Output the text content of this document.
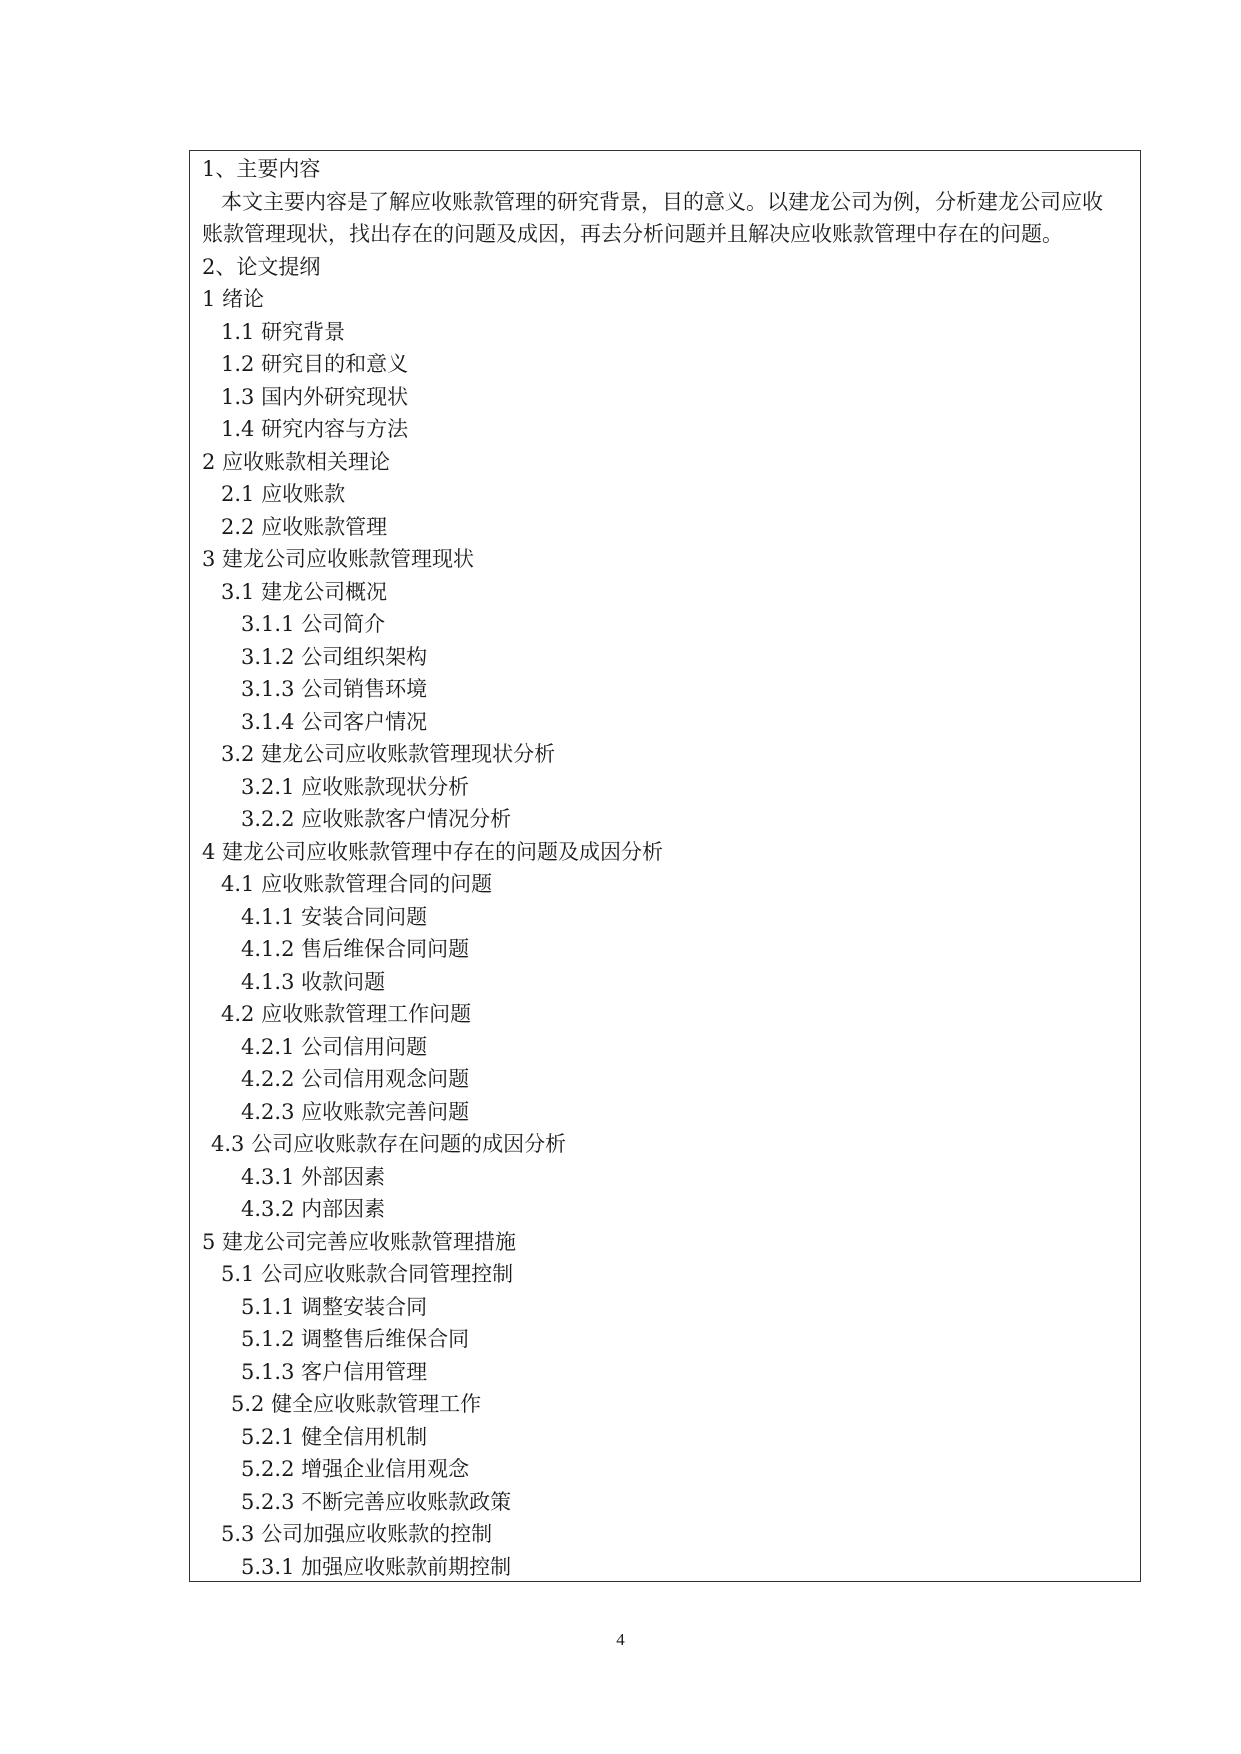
1、主要内容
本文主要内容是了解应收账款管理的研究背景，目的意义。以建龙公司为例，分析建龙公司应收
账款管理现状，找出存在的问题及成因，再去分析问题并且解决应收账款管理中存在的问题。
2、论文提纲
1 绪论
1.1 研究背景
1.2 研究目的和意义
1.3 国内外研究现状
1.4 研究内容与方法
2 应收账款相关理论
2.1 应收账款
2.2 应收账款管理
3 建龙公司应收账款管理现状
3.1 建龙公司概况
3.1.1 公司简介
3.1.2 公司组织架构
3.1.3 公司销售环境
3.1.4 公司客户情况
3.2 建龙公司应收账款管理现状分析
3.2.1 应收账款现状分析
3.2.2 应收账款客户情况分析
4 建龙公司应收账款管理中存在的问题及成因分析
4.1 应收账款管理合同的问题
4.1.1 安装合同问题
4.1.2 售后维保合同问题
4.1.3 收款问题
4.2 应收账款管理工作问题
4.2.1 公司信用问题
4.2.2 公司信用观念问题
4.2.3 应收账款完善问题
4.3 公司应收账款存在问题的成因分析
4.3.1 外部因素
4.3.2 内部因素
5 建龙公司完善应收账款管理措施
5.1 公司应收账款合同管理控制
5.1.1 调整安装合同
5.1.2 调整售后维保合同
5.1.3 客户信用管理
5.2 健全应收账款管理工作
5.2.1 健全信用机制
5.2.2 增强企业信用观念
5.2.3 不断完善应收账款政策
5.3 公司加强应收账款的控制
5.3.1 加强应收账款前期控制
4
